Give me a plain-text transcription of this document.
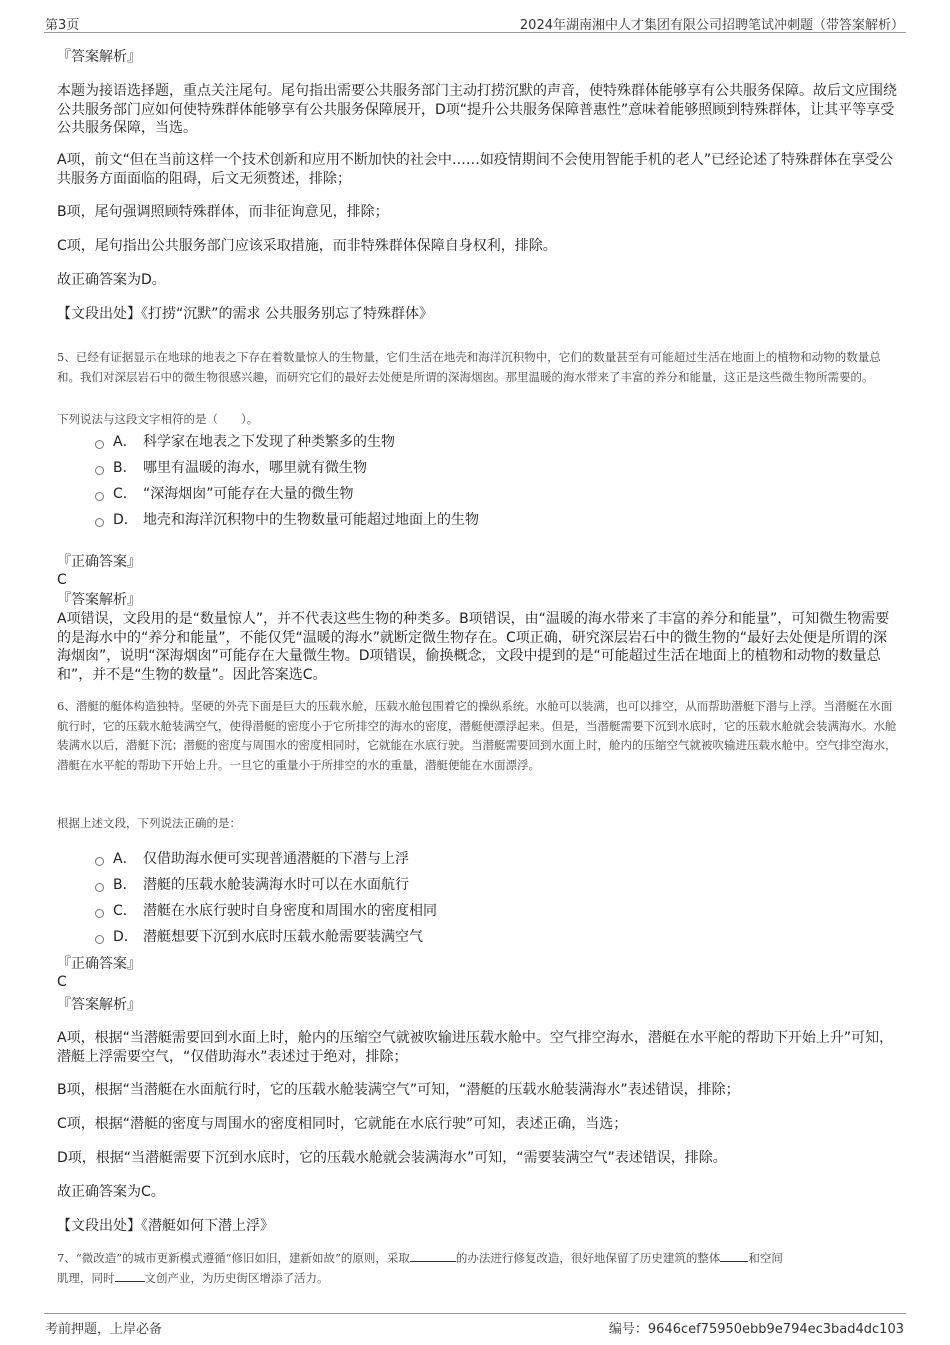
第3页	2024年湖南湘中人才集团有限公司招聘笔试冲刺题（带答案解析）
『答案解析』
本题为接语选择题，重点关注尾句。尾句指出需要公共服务部门主动打捞沉默的声音，使特殊群体能够享有公共服务保障。故后文应围绕公共服务部门应如何使特殊群体能够享有公共服务保障展开，D项“提升公共服务保障普惠性”意味着能够照顾到特殊群体，让其平等享受公共服务保障，当选。
A项，前文“但在当前这样一个技术创新和应用不断加快的社会中……如疫情期间不会使用智能手机的老人”已经论述了特殊群体在享受公共服务方面面临的阻碍，后文无须赘述，排除；
B项，尾句强调照顾特殊群体，而非征询意见，排除；
C项，尾句指出公共服务部门应该采取措施，而非特殊群体保障自身权利，排除。
故正确答案为D。
【文段出处】《打捞“沉默”的需求 公共服务别忘了特殊群体》
5、已经有证据显示在地球的地表之下存在着数量惊人的生物量，它们生活在地壳和海洋沉积物中，它们的数量甚至有可能超过生活在地面上的植物和动物的数量总和。我们对深层岩石中的微生物很感兴趣，而研究它们的最好去处便是所谓的深海烟囱。那里温暖的海水带来了丰富的养分和能量，这正是这些微生物所需要的。
下列说法与这段文字相符的是（　　）。
A． 科学家在地表之下发现了种类繁多的生物
B． 哪里有温暖的海水，哪里就有微生物
C． “深海烟囱”可能存在大量的微生物
D． 地壳和海洋沉积物中的生物数量可能超过地面上的生物
『正确答案』
C
『答案解析』
A项错误，文段用的是“数量惊人”，并不代表这些生物的种类多。B项错误，由“温暖的海水带来了丰富的养分和能量”，可知微生物需要的是海水中的“养分和能量”，不能仅凭“温暖的海水”就断定微生物存在。C项正确，研究深层岩石中的微生物的“最好去处便是所谓的深海烟囱”，说明“深海烟囱”可能存在大量微生物。D项错误，偷换概念，文段中提到的是“可能超过生活在地面上的植物和动物的数量总和”，并不是“生物的数量”。因此答案选C。
6、潜艇的艇体构造独特。坚硬的外壳下面是巨大的压载水舱，压载水舱包围着它的操纵系统。水舱可以装满，也可以排空，从而帮助潜艇下潜与上浮。当潜艇在水面航行时，它的压载水舱装满空气，使得潜艇的密度小于它所排空的海水的密度，潜艇便漂浮起来。但是，当潜艇需要下沉到水底时，它的压载水舱就会装满海水。水舱装满水以后，潜艇下沉；潜艇的密度与周围水的密度相同时，它就能在水底行驶。当潜艇需要回到水面上时，舱内的压缩空气就被吹输进压载水舱中。空气排空海水，潜艇在水平舵的帮助下开始上升。一旦它的重量小于所排空的水的重量，潜艇便能在水面漂浮。
根据上述文段，下列说法正确的是：
A． 仅借助海水便可实现普通潜艇的下潜与上浮
B． 潜艇的压载水舱装满海水时可以在水面航行
C． 潜艇在水底行驶时自身密度和周围水的密度相同
D． 潜艇想要下沉到水底时压载水舱需要装满空气
『正确答案』
C
『答案解析』
A项，根据“当潜艇需要回到水面上时，舱内的压缩空气就被吹输进压载水舱中。空气排空海水，潜艇在水平舵的帮助下开始上升”可知，潜艇上浮需要空气，“仅借助海水”表述过于绝对，排除；
B项，根据“当潜艇在水面航行时，它的压载水舱装满空气”可知，“潜艇的压载水舱装满海水”表述错误，排除；
C项，根据“潜艇的密度与周围水的密度相同时，它就能在水底行驶”可知，表述正确，当选；
D项，根据“当潜艇需要下沉到水底时，它的压载水舱就会装满海水”可知，“需要装满空气”表述错误，排除。
故正确答案为C。
【文段出处】《潜艇如何下潜上浮》
7、“微改造”的城市更新模式遵循“修旧如旧，建新如故”的原则，采取	的办法进行修复改造，很好地保留了历史建筑的整体 和空间
肌理，同时	文创产业，为历史街区增添了活力。
考前押题，上岸必备	编号：9646cef75950ebb9e794ec3bad4dc103
